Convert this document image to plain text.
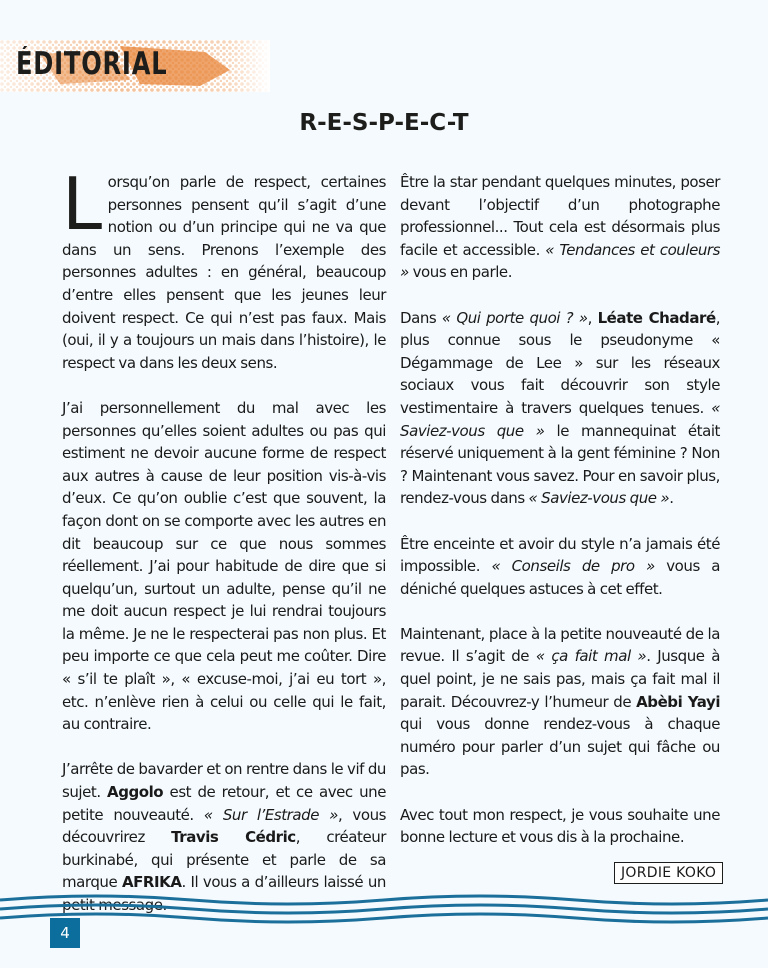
ÉDITORIAL
R-E-S-P-E-C-T

Lorsqu’on parle de respect, certaines personnes pensent qu’il s’agit d’une notion ou d’un principe qui ne va que dans un sens. Prenons l’exemple des personnes adultes : en général, beaucoup d’entre elles pensent que les jeunes leur doivent respect. Ce qui n’est pas faux. Mais (oui, il y a toujours un mais dans l’histoire), le respect va dans les deux sens.

J’ai personnellement du mal avec les personnes qu’elles soient adultes ou pas qui estiment ne devoir aucune forme de respect aux autres à cause de leur position vis-à-vis d’eux. Ce qu’on oublie c’est que souvent, la façon dont on se comporte avec les autres en dit beaucoup sur ce que nous sommes réellement. J’ai pour habitude de dire que si quelqu’un, surtout un adulte, pense qu’il ne me doit aucun respect je lui rendrai toujours la même. Je ne le respecterai pas non plus. Et peu importe ce que cela peut me coûter. Dire « s’il te plaît », « excuse-moi, j’ai eu tort », etc. n’enlève rien à celui ou celle qui le fait, au contraire.

J’arrête de bavarder et on rentre dans le vif du sujet. Aggolo est de retour, et ce avec une petite nouveauté. « Sur l’Estrade », vous découvrirez Travis Cédric, créateur burkinabé, qui présente et parle de sa marque AFRIKA. Il vous a d’ailleurs laissé un petit message.

Être la star pendant quelques minutes, poser devant l’objectif d’un photographe professionnel... Tout cela est désormais plus facile et accessible. « Tendances et couleurs » vous en parle.

Dans « Qui porte quoi ? », Léate Chadaré, plus connue sous le pseudonyme « Dégammage de Lee » sur les réseaux sociaux vous fait découvrir son style vestimentaire à travers quelques tenues. « Saviez-vous que » le mannequinat était réservé uniquement à la gent féminine ? Non ? Maintenant vous savez. Pour en savoir plus, rendez-vous dans « Saviez-vous que ».

Être enceinte et avoir du style n’a jamais été impossible. « Conseils de pro » vous a déniché quelques astuces à cet effet.

Maintenant, place à la petite nouveauté de la revue. Il s’agit de « ça fait mal ». Jusque à quel point, je ne sais pas, mais ça fait mal il parait. Découvrez-y l’humeur de Abèbi Yayi qui vous donne rendez-vous à chaque numéro pour parler d’un sujet qui fâche ou pas.

Avec tout mon respect, je vous souhaite une bonne lecture et vous dis à la prochaine.

JORDIE KOKO
4
